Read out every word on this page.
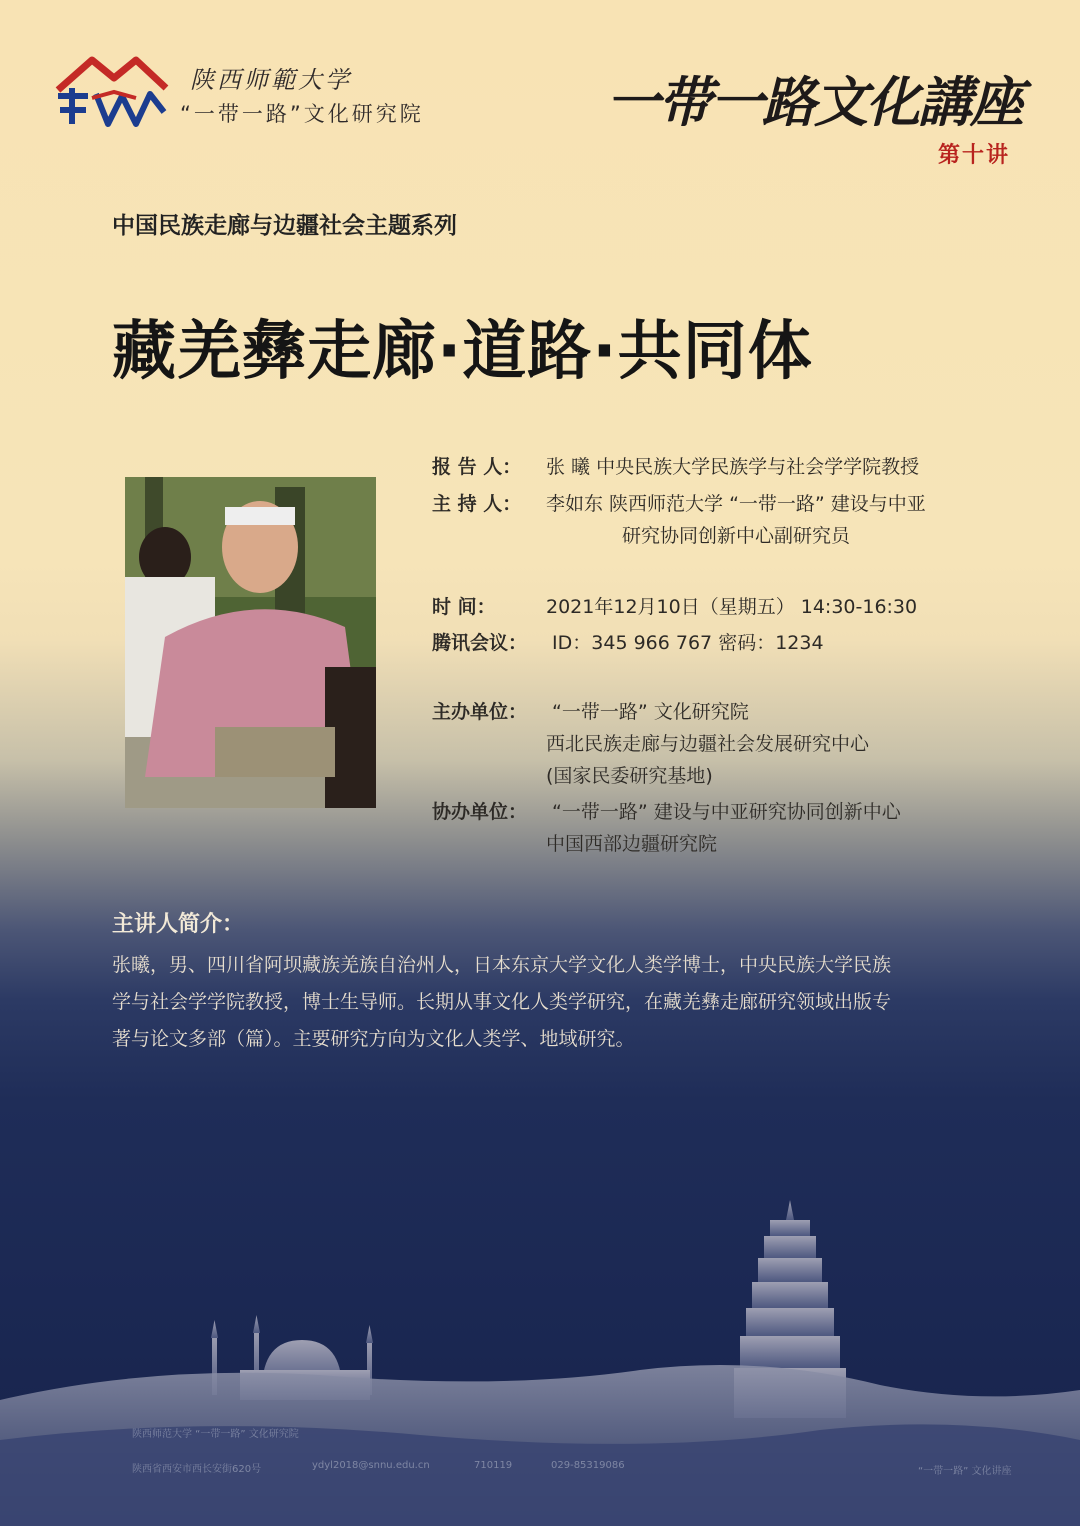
陕西师範大学
“一带一路”文化研究院	一带一路文化講座
第十讲
中国民族走廊与边疆社会主题系列
藏羌彝走廊·道路·共同体
报 告 人： 张 曦 中央民族大学民族学与社会学学院教授
主 持 人： 李如东 陕西师范大学 “一带一路” 建设与中亚
研究协同创新中心副研究员
时 间：	2021年12月10日（星期五） 14:30-16:30
腾讯会议： ID：345 966 767 密码：1234
主办单位： “一带一路” 文化研究院
西北民族走廊与边疆社会发展研究中心
(国家民委研究基地)
协办单位： “一带一路” 建设与中亚研究协同创新中心
中国西部边疆研究院
主讲人简介：
张曦，男、四川省阿坝藏族羌族自治州人，日本东京大学文化人类学博士，中央民族大学民族
学与社会学学院教授，博士生导师。长期从事文化人类学研究，在藏羌彝走廊研究领域出版专
著与论文多部（篇）。主要研究方向为文化人类学、地域研究。
陕西师范大学 “一带一路” 文化研究院
陕西省西安市西长安街620号	ydyl2018@snnu.edu.cn	710119	029-85319086
“一带一路” 文化讲座
